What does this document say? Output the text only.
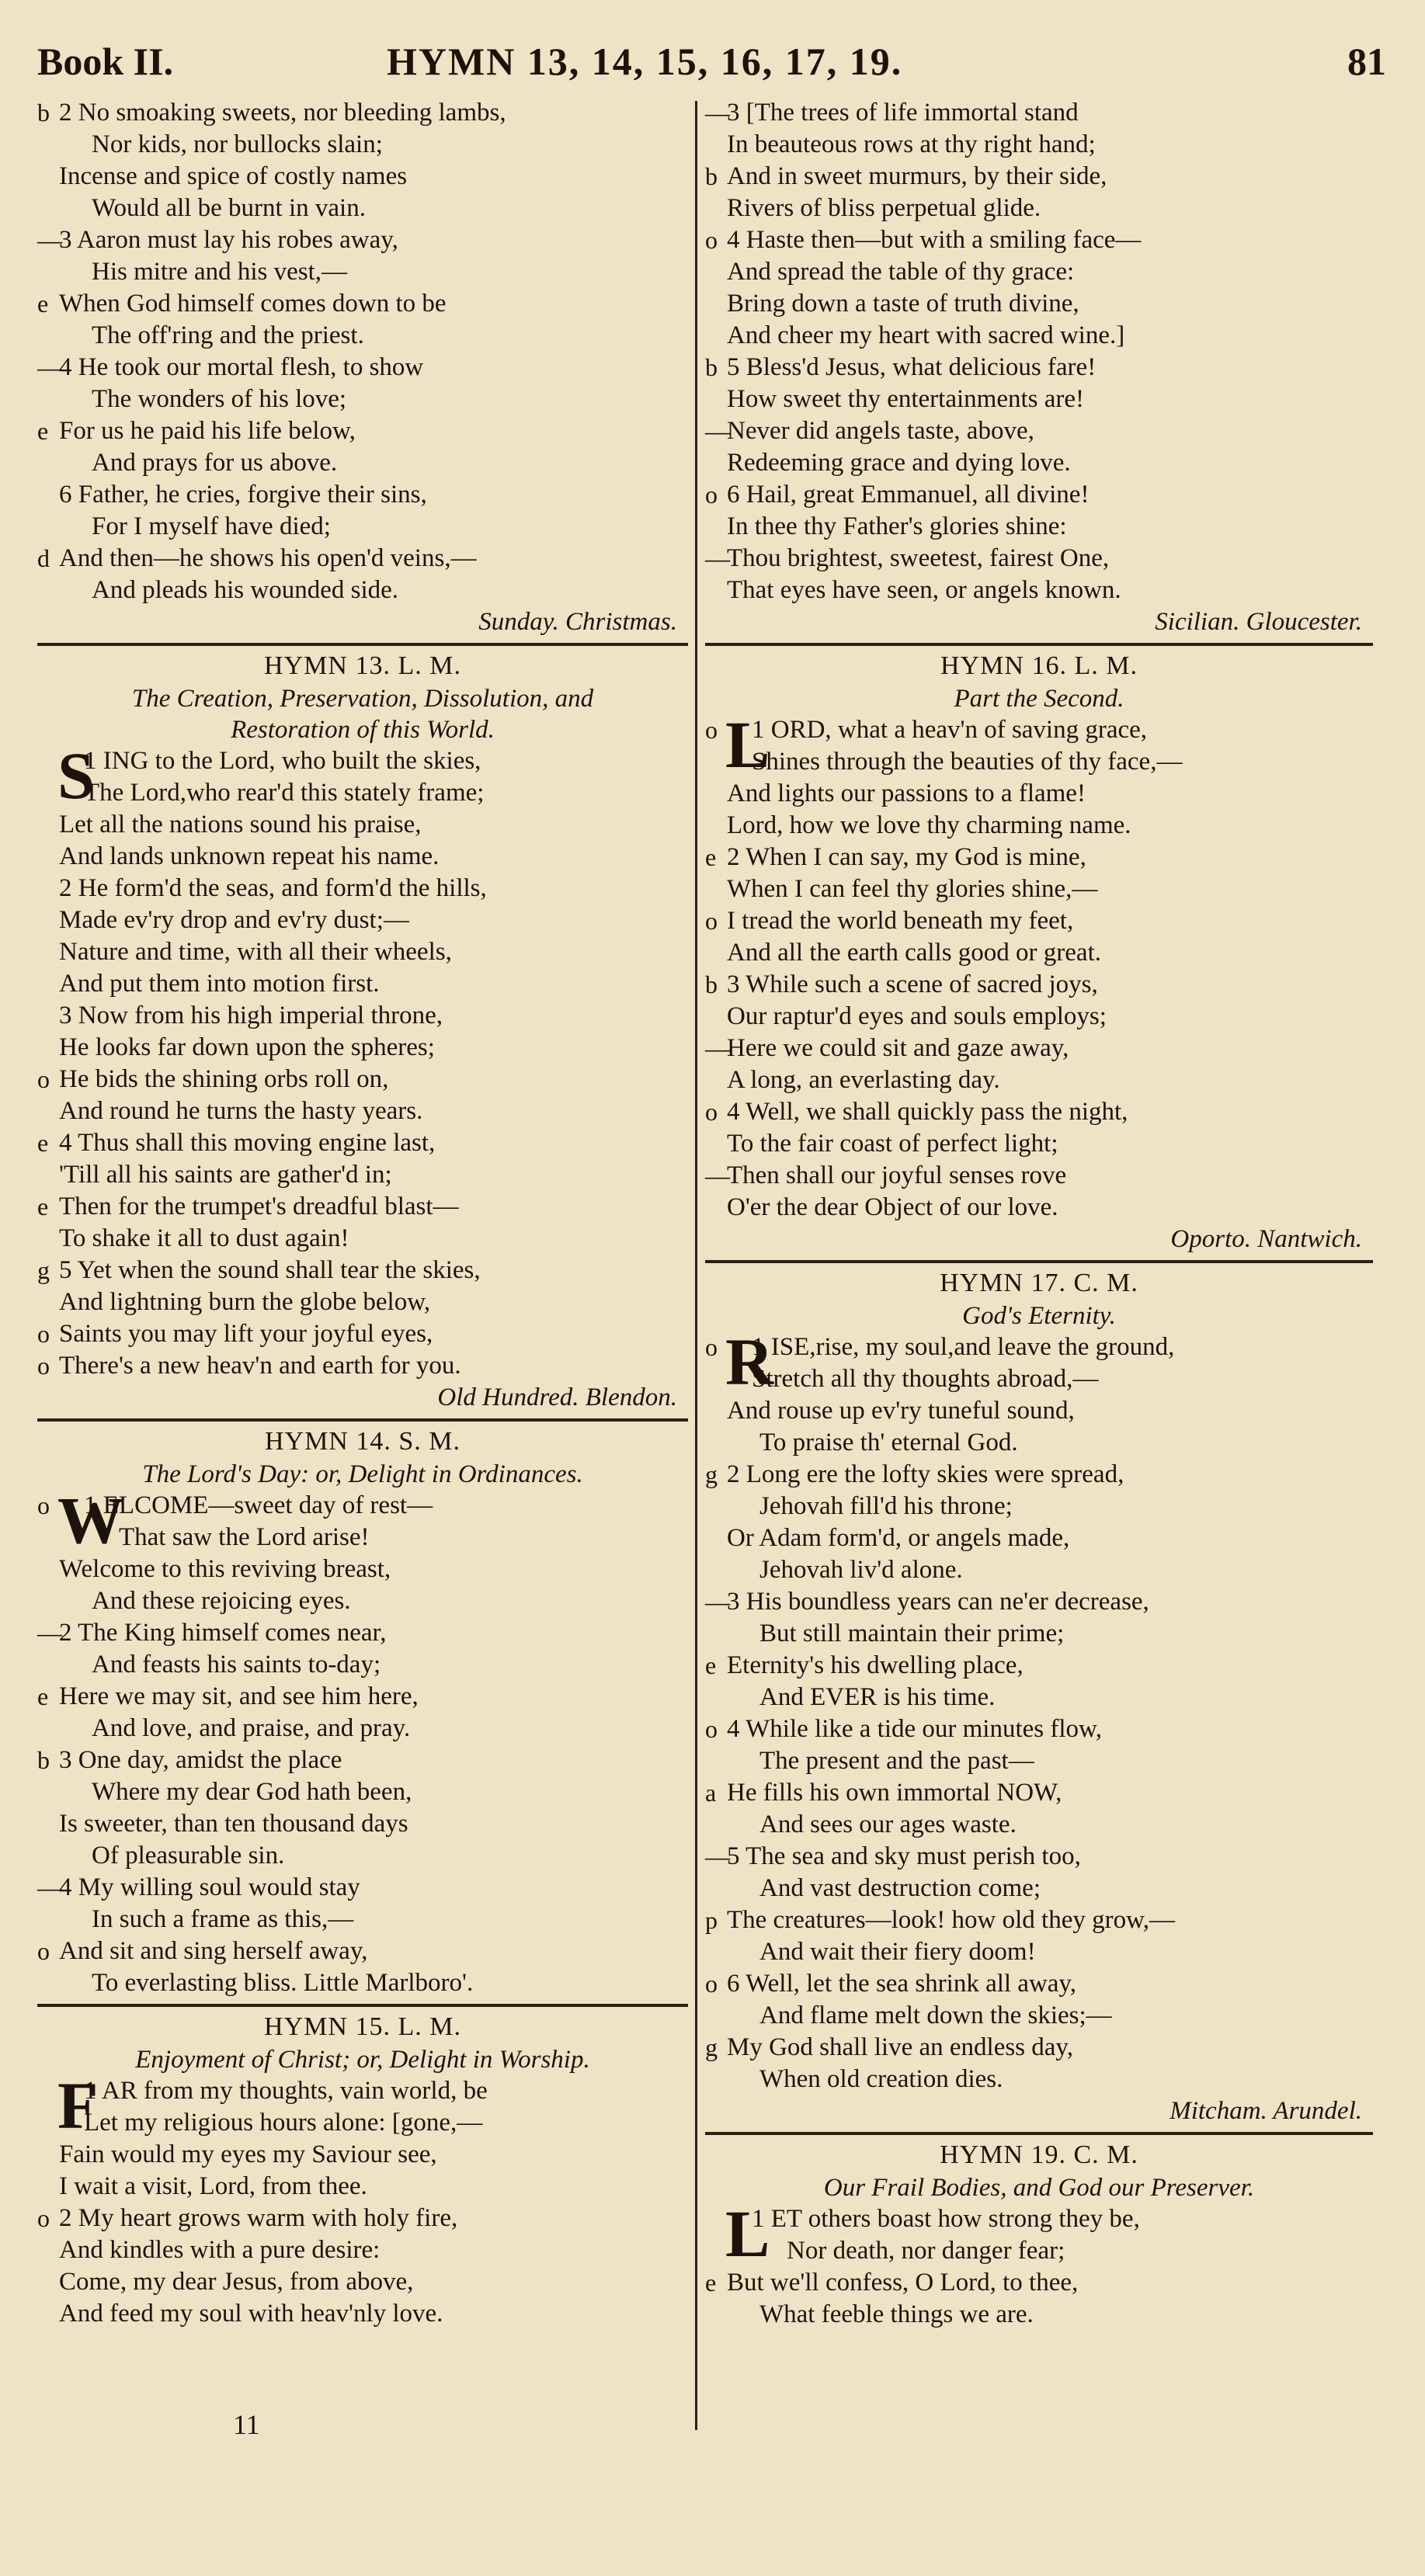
Book II.	HYMN 13, 14, 15, 16, 17, 19.	81
b 2 No smoaking sweets, nor bleeding lambs,
Nor kids, nor bullocks slain;
Incense and spice of costly names
Would all be burnt in vain.
—
3 Aaron must lay his robes away,
His mitre and his vest,—
e When God himself comes down to be
The off'ring and the priest.
—
4 He took our mortal flesh, to show
The wonders of his love;
e For us he paid his life below,
And prays for us above.
6 Father, he cries, forgive their sins,
For I myself have died;
d And then—he shows his open'd veins,—
And pleads his wounded side.
Sunday. Christmas.
HYMN 13. L. M.
The Creation, Preservation, Dissolution, and
Restoration of this World.
1 ING to the Lord, who built the skies,
The Lord,who rear'd this stately frame;
Let all the nations sound his praise,
And lands unknown repeat his name.
2 He form'd the seas, and form'd the hills,
Made ev'ry drop and ev'ry dust;—
Nature and time, with all their wheels,
And put them into motion first.
3 Now from his high imperial throne,
He looks far down upon the spheres;
o He bids the shining orbs roll on,
And round he turns the hasty years.
e 4 Thus shall this moving engine last,
'Till all his saints are gather'd in;
e Then for the trumpet's dreadful blast—
To shake it all to dust again!
g 5 Yet when the sound shall tear the skies,
And lightning burn the globe below,
o Saints you may lift your joyful eyes,
o There's a new heav'n and earth for you.
S
Old Hundred. Blendon.
HYMN 14. S. M.
The Lord's Day: or, Delight in Ordinances.
o	1 ELCOME—sweet day of rest—
That saw the Lord arise!
Welcome to this reviving breast,
And these rejoicing eyes.
—
2 The King himself comes near,
And feasts his saints to-day;
e Here we may sit, and see him here,
And love, and praise, and pray.
b 3 One day, amidst the place
Where my dear God hath been,
Is sweeter, than ten thousand days
Of pleasurable sin.
—
4 My willing soul would stay
In such a frame as this,—
o And sit and sing herself away,
To everlasting bliss. Little Marlboro'.
W
HYMN 15. L. M.
Enjoyment of Christ; or, Delight in Worship.
1 AR from my thoughts, vain world, be
Let my religious hours alone: [gone,—
Fain would my eyes my Saviour see,
I wait a visit, Lord, from thee.
o 2 My heart grows warm with holy fire,
And kindles with a pure desire:
Come, my dear Jesus, from above,
And feed my soul with heav'nly love.
F
—
3 [The trees of life immortal stand
In beauteous rows at thy right hand;
b And in sweet murmurs, by their side,
Rivers of bliss perpetual glide.
o 4 Haste then—but with a smiling face—
And spread the table of thy grace:
Bring down a taste of truth divine,
And cheer my heart with sacred wine.]
b 5 Bless'd Jesus, what delicious fare!
How sweet thy entertainments are!
—
Never did angels taste, above,
Redeeming grace and dying love.
o 6 Hail, great Emmanuel, all divine!
In thee thy Father's glories shine:
—
Thou brightest, sweetest, fairest One,
That eyes have seen, or angels known.
Sicilian. Gloucester.
HYMN 16. L. M.
Part the Second.
o	1 ORD, what a heav'n of saving grace,
Shines through the beauties of thy face,—
And lights our passions to a flame!
Lord, how we love thy charming name.
e 2 When I can say, my God is mine,
When I can feel thy glories shine,—
o I tread the world beneath my feet,
And all the earth calls good or great.
b 3 While such a scene of sacred joys,
Our raptur'd eyes and souls employs;
—
Here we could sit and gaze away,
A long, an everlasting day.
o 4 Well, we shall quickly pass the night,
To the fair coast of perfect light;
—
Then shall our joyful senses rove
O'er the dear Object of our love.
L
Oporto. Nantwich.
HYMN 17. C. M.
God's Eternity.
o	1 ISE,rise, my soul,and leave the ground,
Stretch all thy thoughts abroad,—
And rouse up ev'ry tuneful sound,
To praise th' eternal God.
g 2 Long ere the lofty skies were spread,
Jehovah fill'd his throne;
Or Adam form'd, or angels made,
Jehovah liv'd alone.
—
3 His boundless years can ne'er decrease,
But still maintain their prime;
e Eternity's his dwelling place,
And EVER is his time.
o 4 While like a tide our minutes flow,
The present and the past—
a He fills his own immortal NOW,
And sees our ages waste.
—
5 The sea and sky must perish too,
And vast destruction come;
p The creatures—look! how old they grow,—
And wait their fiery doom!
o 6 Well, let the sea shrink all away,
And flame melt down the skies;—
g My God shall live an endless day,
When old creation dies.
R
Mitcham. Arundel.
HYMN 19. C. M.
Our Frail Bodies, and God our Preserver.
1 ET others boast how strong they be,
Nor death, nor danger fear;
e But we'll confess, O Lord, to thee,
What feeble things we are.
L
11
